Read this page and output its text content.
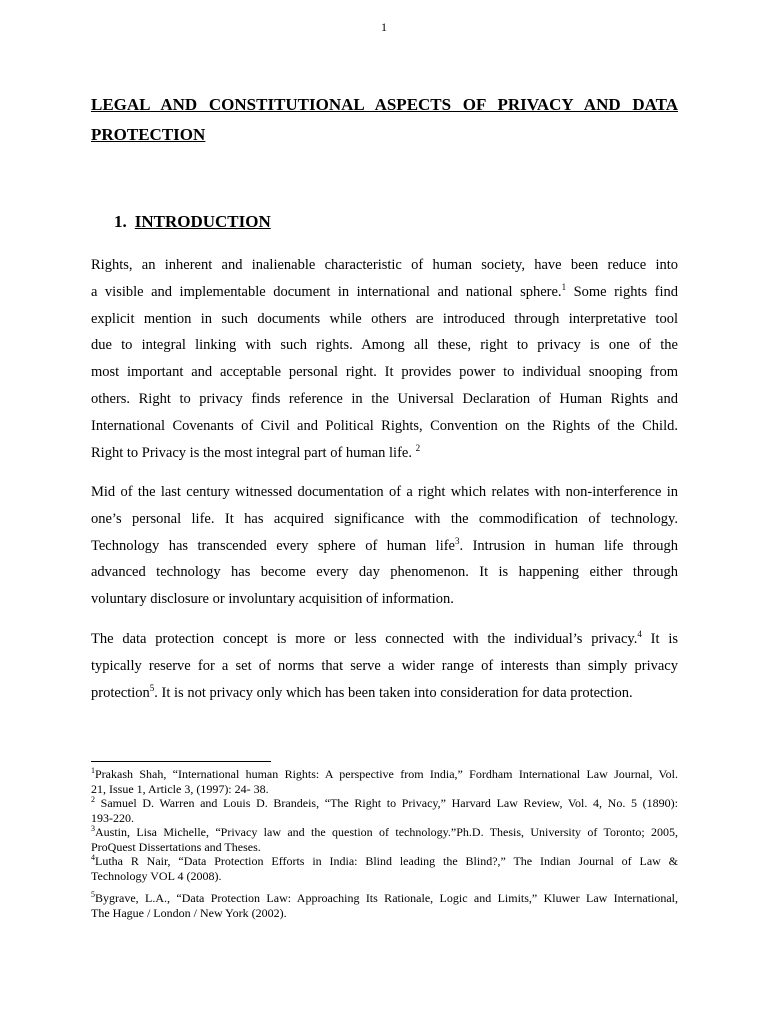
1
LEGAL AND CONSTITUTIONAL ASPECTS OF PRIVACY AND DATA
PROTECTION
1. INTRODUCTION
Rights, an inherent and inalienable characteristic of human society, have been reduce into
a visible and implementable document in international and national sphere.$^1$ Some rights find
explicit mention in such documents while others are introduced through interpretative tool
due to integral linking with such rights. Among all these, right to privacy is one of the
most important and acceptable personal right. It provides power to individual snooping from
others. Right to privacy finds reference in the Universal Declaration of Human Rights and
International Covenants of Civil and Political Rights, Convention on the Rights of the Child.
Right to Privacy is the most integral part of human life. $^2$
Mid of the last century witnessed documentation of a right which relates with non-interference in
one’s personal life. It has acquired significance with the commodification of technology.
Technology has transcended every sphere of human life$^3$. Intrusion in human life through
advanced technology has become every day phenomenon. It is happening either through
voluntary disclosure or involuntary acquisition of information.
The data protection concept is more or less connected with the individual’s privacy.$^4$ It is
typically reserve for a set of norms that serve a wider range of interests than simply privacy
protection$^5$. It is not privacy only which has been taken into consideration for data protection.
$^1$Prakash Shah, “International human Rights: A perspective from India,” Fordham International Law Journal, Vol.
21, Issue 1, Article 3, (1997): 24- 38.
$^2$ Samuel D. Warren and Louis D. Brandeis, “The Right to Privacy,” Harvard Law Review, Vol. 4, No. 5 (1890):
193-220.
$^3$Austin, Lisa Michelle, “Privacy law and the question of technology.”Ph.D. Thesis, University of Toronto; 2005,
ProQuest Dissertations and Theses.
$^4$Lutha R Nair, “Data Protection Efforts in India: Blind leading the Blind?,” The Indian Journal of Law &
Technology VOL 4 (2008).
$^5$Bygrave, L.A., “Data Protection Law: Approaching Its Rationale, Logic and Limits,” Kluwer Law International,
The Hague / London / New York (2002).
